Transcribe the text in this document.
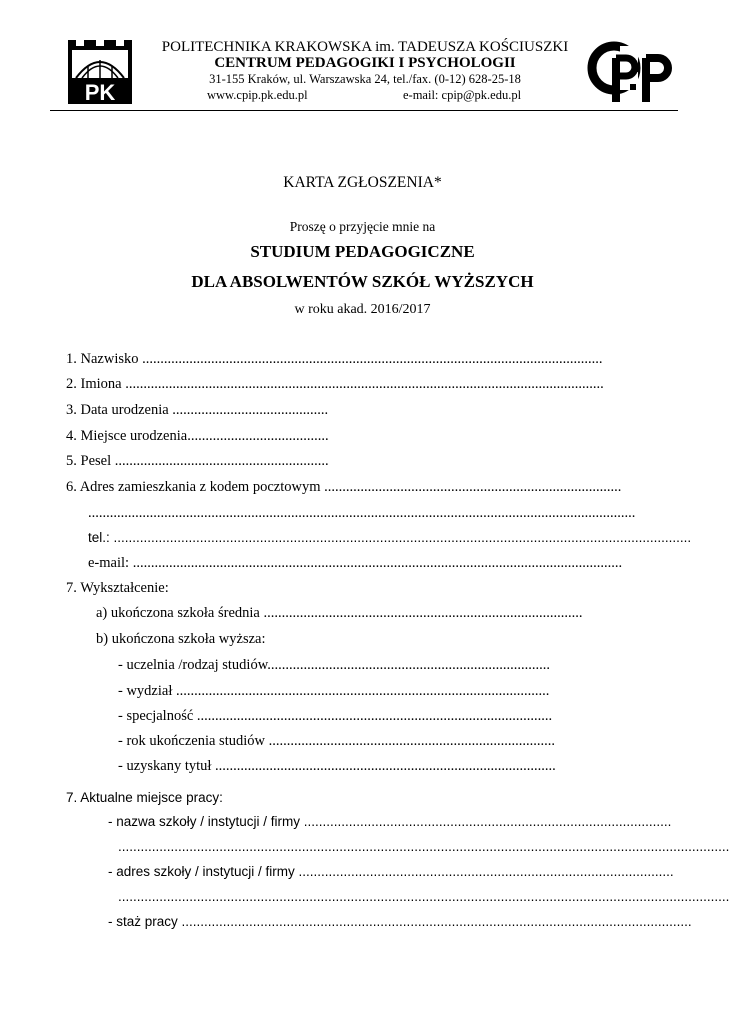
PK
POLITECHNIKA KRAKOWSKA im. TADEUSZA KOŚCIUSZKI
CENTRUM PEDAGOGIKI I PSYCHOLOGII
31-155 Kraków, ul. Warszawska 24, tel./fax. (0-12) 628-25-18
www.cpip.pk.edu.pl	e-mail: cpip@pk.edu.pl
KARTA ZGŁOSZENIA*
Proszę o przyjęcie mnie na
STUDIUM PEDAGOGICZNE
DLA ABSOLWENTÓW SZKÓŁ WYŻSZYCH
w roku akad. 2016/2017
1. Nazwisko ...............................................................................................................................
2. Imiona ....................................................................................................................................
3. Data urodzenia ...........................................
4. Miejsce urodzenia.......................................
5. Pesel ...........................................................
6. Adres zamieszkania z kodem pocztowym ..................................................................................
.......................................................................................................................................................
tel.: ..........................................................................................................................................................
e-mail: .......................................................................................................................................
7. Wykształcenie:
a) ukończona szkoła średnia ........................................................................................
b) ukończona szkoła wyższa:
- uczelnia /rodzaj studiów..............................................................................
- wydział .......................................................................................................
- specjalność ..................................................................................................
- rok ukończenia studiów ...............................................................................
- uzyskany tytuł ..............................................................................................
7. Aktualne miejsce pracy:
- nazwa szkoły / instytucji / firmy ..................................................................................................
...................................................................................................................................................................
- adres szkoły / instytucji / firmy ....................................................................................................
...................................................................................................................................................................
- staż pracy ........................................................................................................................................
